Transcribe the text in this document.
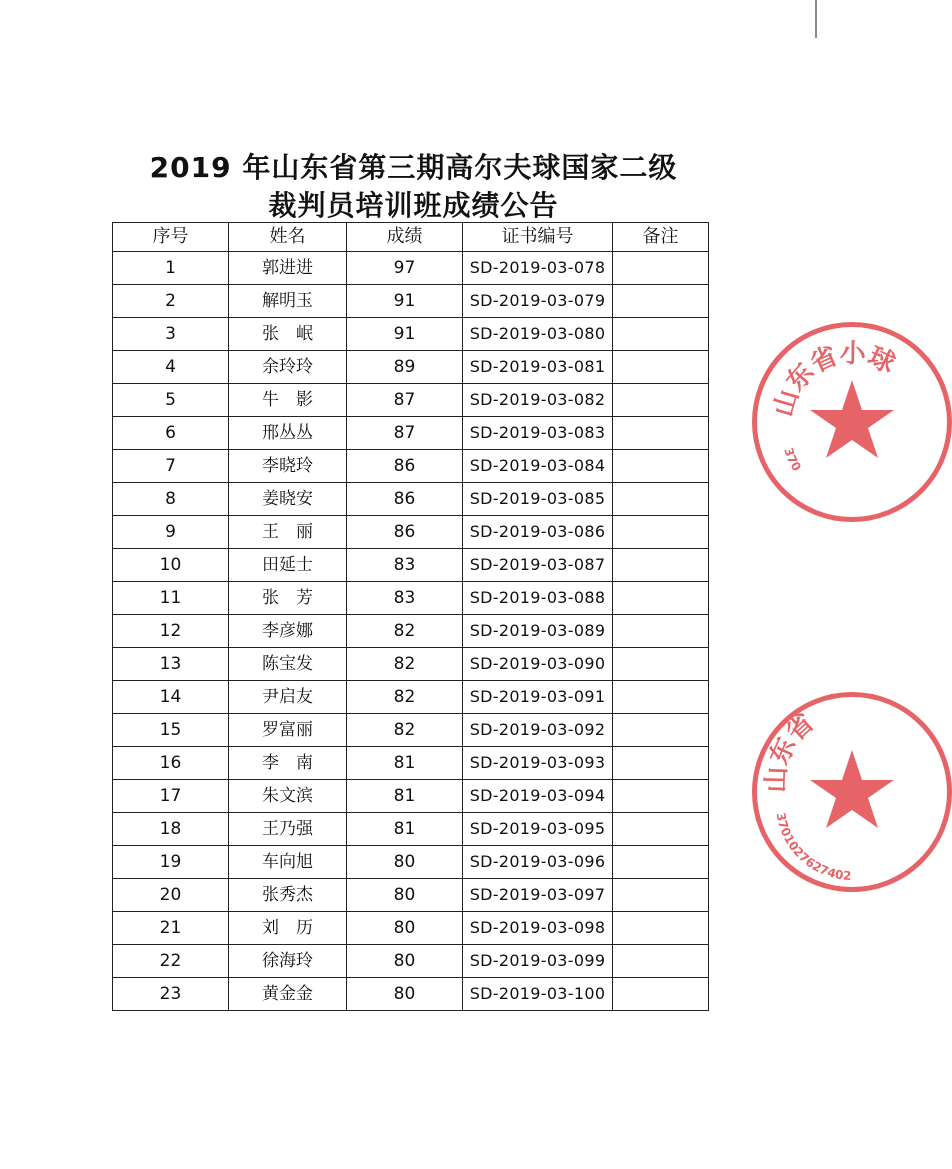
2019 年山东省第三期高尔夫球国家二级
裁判员培训班成绩公告
序号	姓名	成绩	证书编号	备注
1	郭进进	97	SD-2019-03-078	
2	解明玉	91	SD-2019-03-079	
3	张　岷	91	SD-2019-03-080	
4	余玲玲	89	SD-2019-03-081	
5	牛　影	87	SD-2019-03-082	
6	邢丛丛	87	SD-2019-03-083	
7	李晓玲	86	SD-2019-03-084	
8	姜晓安	86	SD-2019-03-085	
9	王　丽	86	SD-2019-03-086	
10	田延士	83	SD-2019-03-087	
11	张　芳	83	SD-2019-03-088	
12	李彦娜	82	SD-2019-03-089	
13	陈宝发	82	SD-2019-03-090	
14	尹启友	82	SD-2019-03-091	
15	罗富丽	82	SD-2019-03-092	
16	李　南	81	SD-2019-03-093	
17	朱文滨	81	SD-2019-03-094	
18	王乃强	81	SD-2019-03-095	
19	车向旭	80	SD-2019-03-096	
20	张秀杰	80	SD-2019-03-097	
21	刘　历	80	SD-2019-03-098	
22	徐海玲	80	SD-2019-03-099	
23	黄金金	80	SD-2019-03-100	
山东省小球
370
山东省
3701027627402
